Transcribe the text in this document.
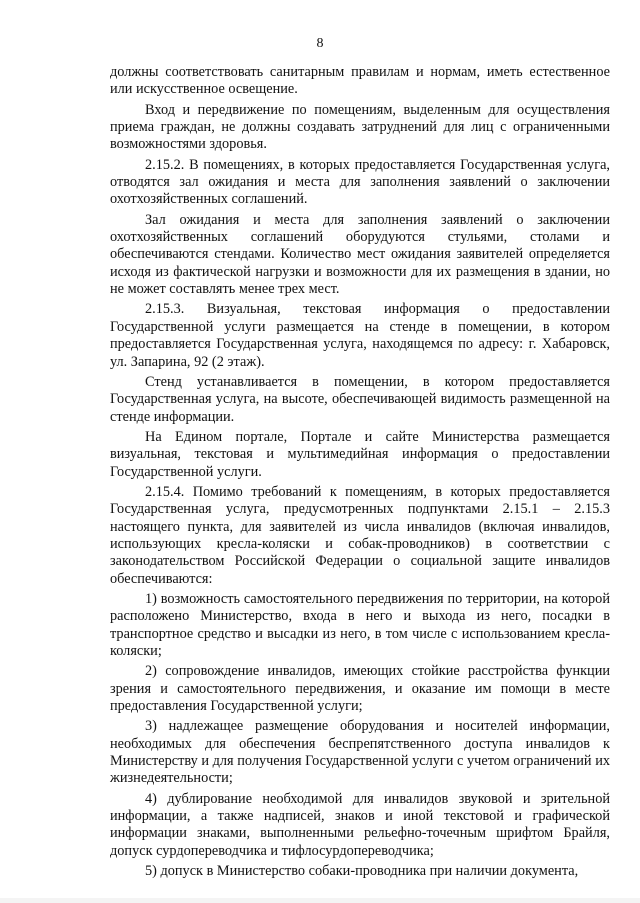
8

должны соответствовать санитарным правилам и нормам, иметь естественное или искусственное освещение.

Вход и передвижение по помещениям, выделенным для осуществления приема граждан, не должны создавать затруднений для лиц с ограниченными возможностями здоровья.

2.15.2. В помещениях, в которых предоставляется Государственная услуга, отводятся зал ожидания и места для заполнения заявлений о заключении охотхозяйственных соглашений.

Зал ожидания и места для заполнения заявлений о заключении охотхозяйственных соглашений оборудуются стульями, столами и обеспечиваются стендами. Количество мест ожидания заявителей определяется исходя из фактической нагрузки и возможности для их размещения в здании, но не может составлять менее трех мест.

2.15.3. Визуальная, текстовая информация о предоставлении Государственной услуги размещается на стенде в помещении, в котором предоставляется Государственная услуга, находящемся по адресу: г. Хабаровск, ул. Запарина, 92 (2 этаж).

Стенд устанавливается в помещении, в котором предоставляется Государственная услуга, на высоте, обеспечивающей видимость размещенной на стенде информации.

На Едином портале, Портале и сайте Министерства размещается визуальная, текстовая и мультимедийная информация о предоставлении Государственной услуги.

2.15.4. Помимо требований к помещениям, в которых предоставляется Государственная услуга, предусмотренных подпунктами 2.15.1 – 2.15.3 настоящего пункта, для заявителей из числа инвалидов (включая инвалидов, использующих кресла-коляски и собак-проводников) в соответствии с законодательством Российской Федерации о социальной защите инвалидов обеспечиваются:

1) возможность самостоятельного передвижения по территории, на которой расположено Министерство, входа в него и выхода из него, посадки в транспортное средство и высадки из него, в том числе с использованием кресла-коляски;

2) сопровождение инвалидов, имеющих стойкие расстройства функции зрения и самостоятельного передвижения, и оказание им помощи в месте предоставления Государственной услуги;

3) надлежащее размещение оборудования и носителей информации, необходимых для обеспечения беспрепятственного доступа инвалидов к Министерству и для получения Государственной услуги с учетом ограничений их жизнедеятельности;

4) дублирование необходимой для инвалидов звуковой и зрительной информации, а также надписей, знаков и иной текстовой и графической информации знаками, выполненными рельефно-точечным шрифтом Брайля, допуск сурдопереводчика и тифлосурдопереводчика;

5) допуск в Министерство собаки-проводника при наличии документа,
